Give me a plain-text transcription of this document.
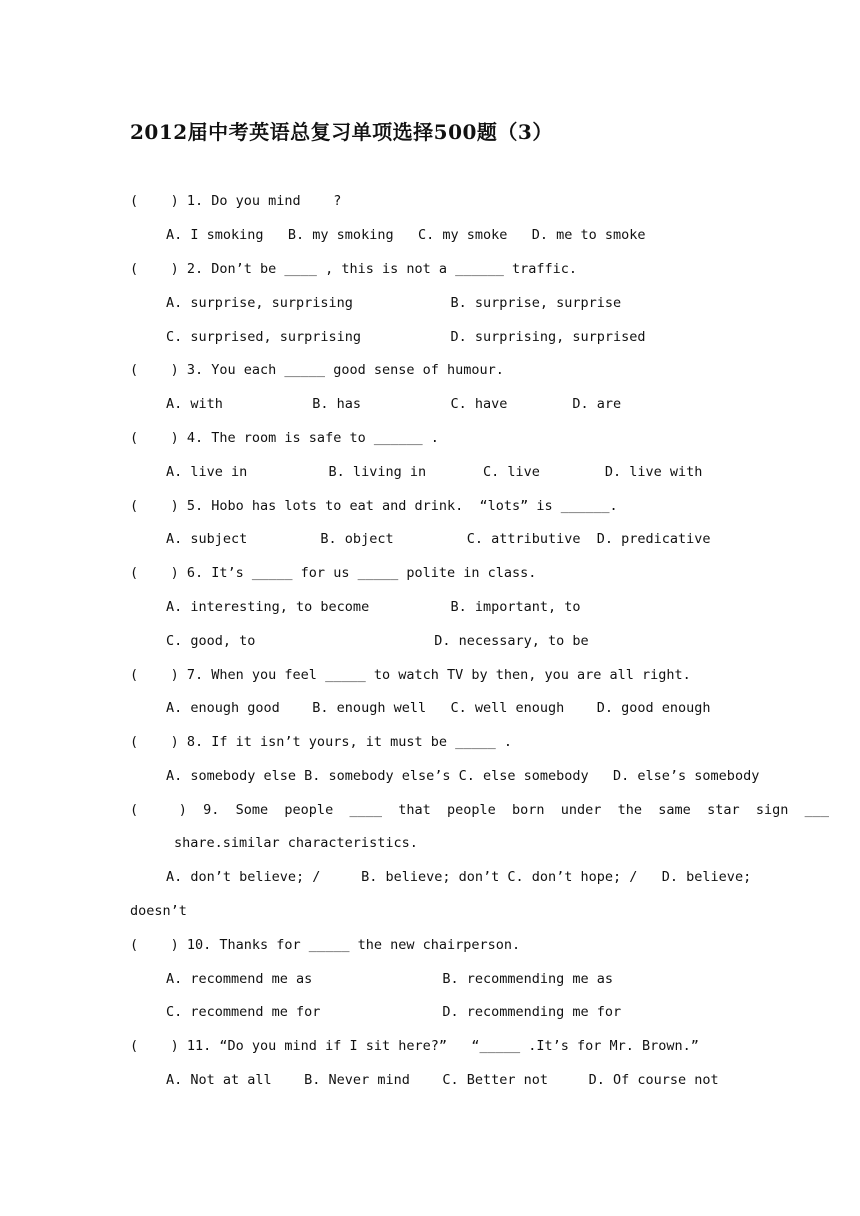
2012届中考英语总复习单项选择500题（3）
(    ) 1. Do you mind    ?
A. I smoking   B. my smoking   C. my smoke   D. me to smoke
(    ) 2. Don’t be ____ , this is not a ______ traffic.
A. surprise, surprising            B. surprise, surprise
C. surprised, surprising           D. surprising, surprised
(    ) 3. You each _____ good sense of humour.
A. with           B. has           C. have        D. are
(    ) 4. The room is safe to ______ .
A. live in          B. living in       C. live        D. live with
(    ) 5. Hobo has lots to eat and drink.  “lots” is ______.
A. subject         B. object         C. attributive  D. predicative
(    ) 6. It’s _____ for us _____ polite in class.
A. interesting, to become          B. important, to
C. good, to                      D. necessary, to be
(    ) 7. When you feel _____ to watch TV by then, you are all right.
A. enough good    B. enough well   C. well enough    D. good enough
(    ) 8. If it isn’t yours, it must be _____ .
A. somebody else B. somebody else’s C. else somebody   D. else’s somebody
(     )  9.  Some  people  ____  that  people  born  under  the  same  star  sign  ___
share.similar characteristics.
A. don’t believe; /     B. believe; don’t C. don’t hope; /   D. believe;
doesn’t
(    ) 10. Thanks for _____ the new chairperson.
A. recommend me as                B. recommending me as
C. recommend me for               D. recommending me for
(    ) 11. “Do you mind if I sit here?”   “_____ .It’s for Mr. Brown.”
A. Not at all    B. Never mind    C. Better not     D. Of course not
